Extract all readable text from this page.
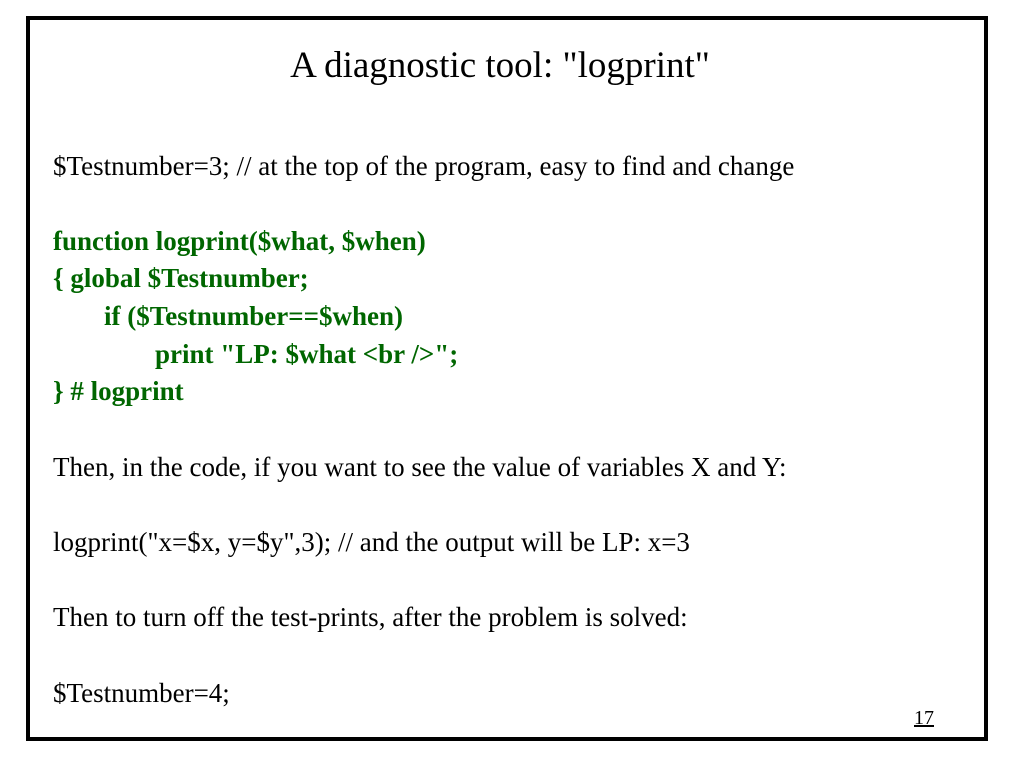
A diagnostic tool: "logprint"
$Testnumber=3; // at the top of the program, easy to find and change
function logprint($what, $when)
{ global $Testnumber;
if ($Testnumber==$when)
print "LP: $what <br />";
} # logprint
Then, in the code, if you want to see the value of variables X and Y:
logprint("x=$x, y=$y",3); // and the output will be LP: x=3
Then to turn off the test-prints, after the problem is solved:
$Testnumber=4;
17
